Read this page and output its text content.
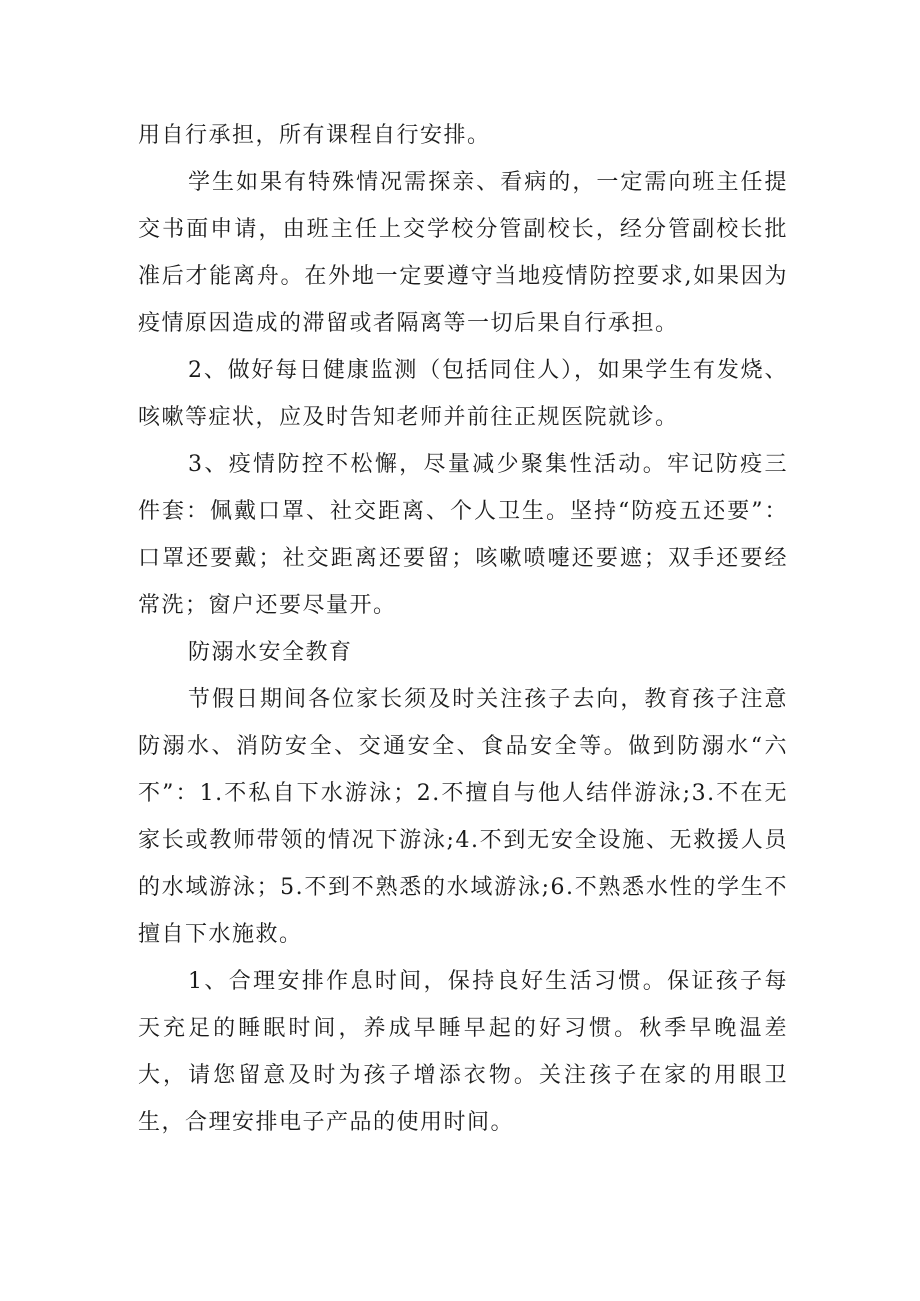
用自行承担，所有课程自行安排。

学生如果有特殊情况需探亲、看病的，一定需向班主任提交书面申请，由班主任上交学校分管副校长，经分管副校长批准后才能离舟。在外地一定要遵守当地疫情防控要求,如果因为疫情原因造成的滞留或者隔离等一切后果自行承担。

2、做好每日健康监测（包括同住人），如果学生有发烧、咳嗽等症状，应及时告知老师并前往正规医院就诊。

3、疫情防控不松懈，尽量减少聚集性活动。牢记防疫三件套：佩戴口罩、社交距离、个人卫生。坚持“防疫五还要”：口罩还要戴；社交距离还要留；咳嗽喷嚏还要遮；双手还要经常洗；窗户还要尽量开。

防溺水安全教育

节假日期间各位家长须及时关注孩子去向，教育孩子注意防溺水、消防安全、交通安全、食品安全等。做到防溺水“六不”：1.不私自下水游泳；2.不擅自与他人结伴游泳;3.不在无家长或教师带领的情况下游泳;4.不到无安全设施、无救援人员的水域游泳；5.不到不熟悉的水域游泳;6.不熟悉水性的学生不擅自下水施救。

1、合理安排作息时间，保持良好生活习惯。保证孩子每天充足的睡眠时间，养成早睡早起的好习惯。秋季早晚温差大，请您留意及时为孩子增添衣物。关注孩子在家的用眼卫生，合理安排电子产品的使用时间。
